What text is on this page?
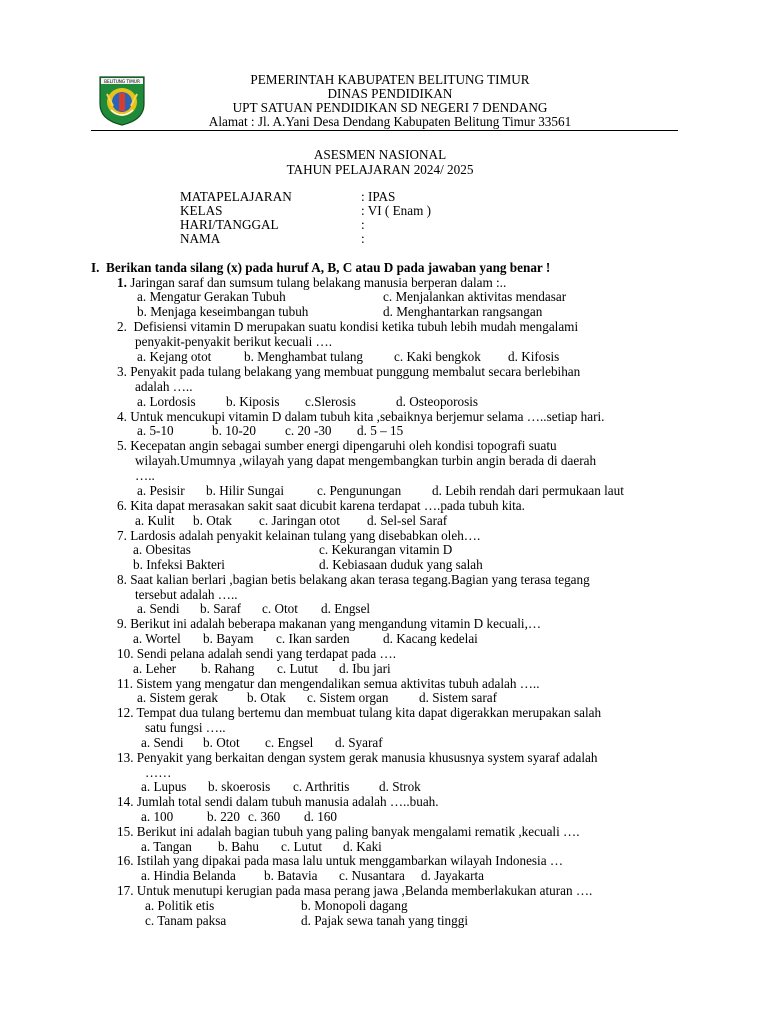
BELITUNG TIMUR	PEMERINTAH KABUPATEN BELITUNG TIMUR
DINAS PENDIDIKAN
UPT SATUAN PENDIDIKAN SD NEGERI 7 DENDANG
Alamat : Jl. A.Yani Desa Dendang Kabupaten Belitung Timur 33561
ASESMEN NASIONAL
TAHUN PELAJARAN 2024/ 2025
MATAPELAJARAN	: IPAS
KELAS	: VI ( Enam )
HARI/TANGGAL	:
NAMA	:
I. Berikan tanda silang (x) pada huruf A, B, C atau D pada jawaban yang benar !
1. Jaringan saraf dan sumsum tulang belakang manusia berperan dalam :..
a. Mengatur Gerakan Tubuh	c. Menjalankan aktivitas mendasar
b. Menjaga keseimbangan tubuh	d. Menghantarkan rangsangan
2. Defisiensi vitamin D merupakan suatu kondisi ketika tubuh lebih mudah mengalami
penyakit-penyakit berikut kecuali ….
a. Kejang otot b. Menghambat tulang c. Kaki bengkok d. Kifosis
3. Penyakit pada tulang belakang yang membuat punggung membalut secara berlebihan
adalah …..
a. Lordosis b. Kiposis c.Slerosis	d. Osteoporosis
4. Untuk mencukupi vitamin D dalam tubuh kita ,sebaiknya berjemur selama …..setiap hari.
a. 5-10	b. 10-20 c. 20 -30 d. 5 – 15
5. Kecepatan angin sebagai sumber energi dipengaruhi oleh kondisi topografi suatu
wilayah.Umumnya ,wilayah yang dapat mengembangkan turbin angin berada di daerah
…..
a. Pesisir b. Hilir Sungai c. Pengunungan d. Lebih rendah dari permukaan laut
6. Kita dapat merasakan sakit saat dicubit karena terdapat ….pada tubuh kita.
a. Kulit b. Otak c. Jaringan otot d. Sel-sel Saraf
7. Lardosis adalah penyakit kelainan tulang yang disebabkan oleh….
a. Obesitas	c. Kekurangan vitamin D
b. Infeksi Bakteri	d. Kebiasaan duduk yang salah
8. Saat kalian berlari ,bagian betis belakang akan terasa tegang.Bagian yang terasa tegang
tersebut adalah …..
a. Sendi b. Saraf c. Otot d. Engsel
9. Berikut ini adalah beberapa makanan yang mengandung vitamin D kecuali,…
a. Wortel b. Bayam c. Ikan sarden	d. Kacang kedelai
10. Sendi pelana adalah sendi yang terdapat pada ….
a. Leher b. Rahang c. Lutut d. Ibu jari
11. Sistem yang mengatur dan mengendalikan semua aktivitas tubuh adalah …..
a. Sistem gerak b. Otak c. Sistem organ d. Sistem saraf
12. Tempat dua tulang bertemu dan membuat tulang kita dapat digerakkan merupakan salah
satu fungsi …..
a. Sendi b. Otot c. Engsel d. Syaraf
13. Penyakit yang berkaitan dengan system gerak manusia khususnya system syaraf adalah
……
a. Lupus b. skoerosis c. Arthritis d. Strok
14. Jumlah total sendi dalam tubuh manusia adalah …..buah.
a. 100	b. 220 c. 360 d. 160
15. Berikut ini adalah bagian tubuh yang paling banyak mengalami rematik ,kecuali ….
a. Tangan b. Bahu c. Lutut d. Kaki
16. Istilah yang dipakai pada masa lalu untuk menggambarkan wilayah Indonesia …
a. Hindia Belanda b. Batavia c. Nusantara d. Jayakarta
17. Untuk menutupi kerugian pada masa perang jawa ,Belanda memberlakukan aturan ….
a. Politik etis	b. Monopoli dagang
c. Tanam paksa	d. Pajak sewa tanah yang tinggi
